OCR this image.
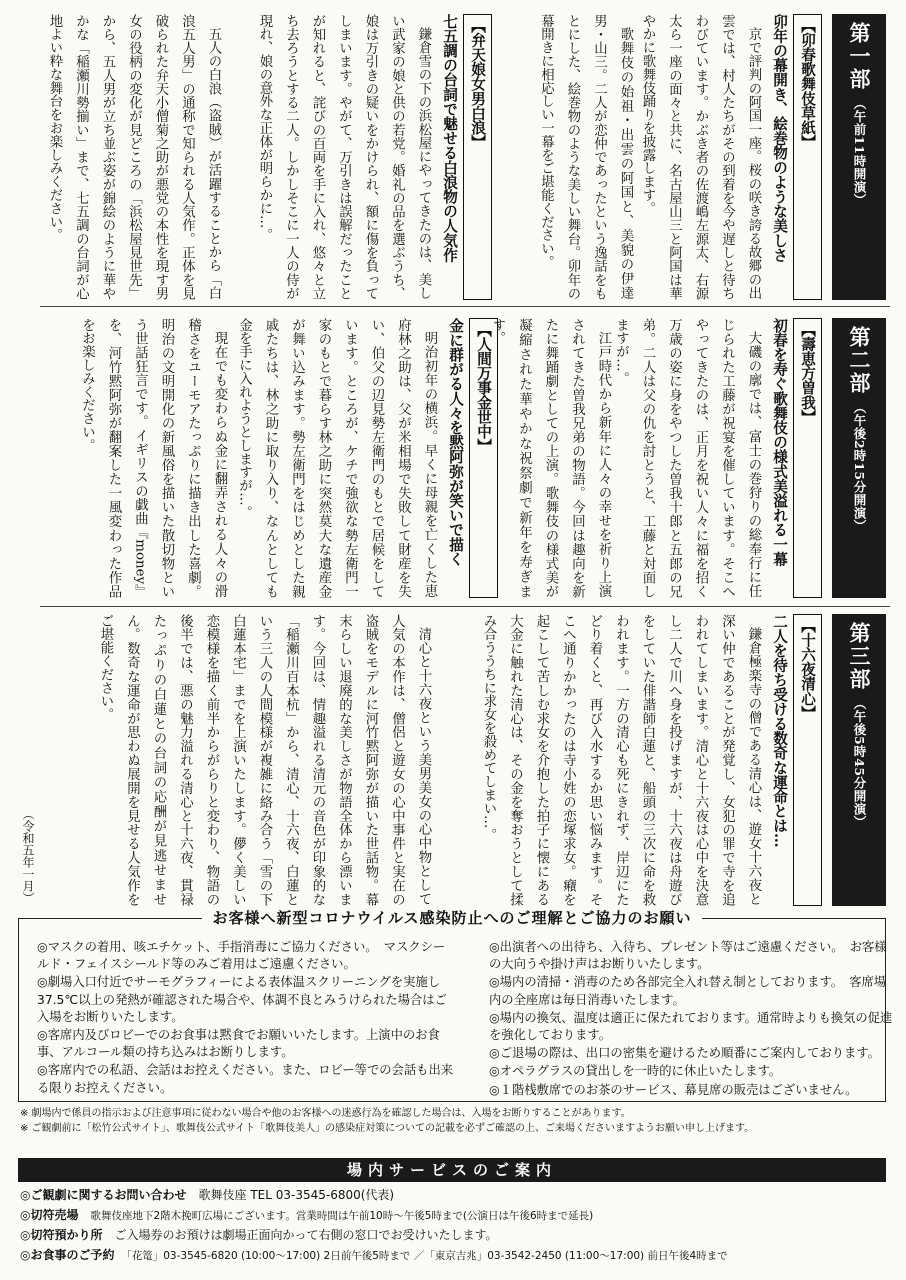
第一部
（午前11時開演）
【卯春歌舞伎草紙】
卯年の幕開き、絵巻物のような美しさ
京で評判の阿国一座。桜の咲き誇る故郷の出雲では、村人たちがその到着を今や遅しと待ちわびています。かぶき者の佐渡嶋左源太、右源太ら一座の面々と共に、名古屋山三と阿国は華やかに歌舞伎踊りを披露します。
歌舞伎の始祖・出雲の阿国と、美貌の伊達男・山三。二人が恋仲であったという逸話をもとにした、絵巻物のような美しい舞台。卯年の幕開きに相応しい一幕をご堪能ください。
【弁天娘女男白浪】
七五調の台詞で魅せる白浪物の人気作
鎌倉雪の下の浜松屋にやってきたのは、美しい武家の娘と供の若党。婚礼の品を選ぶうち、娘は万引きの疑いをかけられ、額に傷を負ってしまいます。やがて、万引きは誤解だったことが知れると、詫びの百両を手に入れ、悠々と立ち去ろうとする二人。しかしそこに一人の侍が現れ、娘の意外な正体が明らかに…。
五人の白浪（盗賊）が活躍することから「白浪五人男」の通称で知られる人気作。正体を見破られた弁天小僧菊之助が悪党の本性を現す男女の役柄の変化が見どころの「浜松屋見世先」から、五人男が立ち並ぶ姿が錦絵のように華やかな「稲瀬川勢揃い」まで、七五調の台詞が心地よい粋な舞台をお楽しみください。
第二部
（午後2時15分開演）
【壽恵方曽我】
初春を寿ぐ歌舞伎の様式美溢れる一幕
大磯の廓では、富士の巻狩りの総奉行に任じられた工藤が祝宴を催しています。そこへやってきたのは、正月を祝い人々に福を招く万歳の姿に身をやつした曽我十郎と五郎の兄弟。二人は父の仇を討とうと、工藤と対面しますが…。
江戸時代から新年に人々の幸せを祈り上演されてきた曽我兄弟の物語。今回は趣向を新たに舞踊劇としての上演。歌舞伎の様式美が凝縮された華やかな祝祭劇で新年を寿ぎます。
【人間万事金世中】
金に群がる人々を黙阿弥が笑いで描く
明治初年の横浜。早くに母親を亡くした恵府林之助は、父が米相場で失敗して財産を失い、伯父の辺見勢左衛門のもとで居候をしています。ところが、ケチで強欲な勢左衛門一家のもとで暮らす林之助に突然莫大な遺産金が舞い込みます。勢左衛門をはじめとした親戚たちは、林之助に取り入り、なんとしても金を手に入れようとしますが…。
現在でも変わらぬ金に翻弄される人々の滑稽さをユーモアたっぷりに描き出した喜劇。明治の文明開化の新風俗を描いた散切物という世話狂言です。イギリスの戯曲『money』を、河竹黙阿弥が翻案した一風変わった作品をお楽しみください。
第三部
（午後5時45分開演）
【十六夜清心】
二人を待ち受ける数奇な運命とは…
鎌倉極楽寺の僧である清心は、遊女十六夜と深い仲であることが発覚し、女犯の罪で寺を追われてしまいます。清心と十六夜は心中を決意し二人で川へ身を投げますが、十六夜は舟遊びをしていた俳諧師白蓮と、船頭の三次に命を救われます。一方の清心も死にきれず、岸辺にたどり着くと、再び入水するか思い悩みます。そこへ通りかかったのは寺小姓の恋塚求女。癪を起こして苦しむ求女を介抱した拍子に懐にある大金に触れた清心は、その金を奪おうとして揉み合ううちに求女を殺めてしまい…。
清心と十六夜という美男美女の心中物として人気の本作は、僧侶と遊女の心中事件と実在の盗賊をモデルに河竹黙阿弥が描いた世話物。幕末らしい退廃的な美しさが物語全体から漂います。今回は、情趣溢れる清元の音色が印象的な「稲瀬川百本杭」から、清心、十六夜、白蓮という三人の人間模様が複雑に絡み合う「雪の下白蓮本宅」までを上演いたします。儚く美しい恋模様を描く前半からがらりと変わり、物語の後半では、悪の魅力溢れる清心と十六夜、貫禄たっぷりの白蓮との台詞の応酬が見逃せません。数奇な運命が思わぬ展開を見せる人気作をご堪能ください。
（令和五年一月）
お客様へ新型コロナウイルス感染防止へのご理解とご協力のお願い
◎マスクの着用、咳エチケット、手指消毒にご協力ください。　マスクシールド・フェイスシールド等のみご着用はご遠慮ください。
◎劇場入口付近でサーモグラフィーによる表体温スクリーニングを実施し37.5℃以上の発熱が確認された場合や、体調不良とみうけられた場合はご入場をお断りいたします。
◎客席内及びロビーでのお食事は黙食でお願いいたします。上演中のお食事、アルコール類の持ち込みはお断りします。
◎客席内での私語、会話はお控えください。また、ロビー等での会話も出来る限りお控えください。
◎出演者への出待ち、入待ち、プレゼント等はご遠慮ください。　お客様の大向うや掛け声はお断りいたします。
◎場内の清掃・消毒のため各部完全入れ替え制としております。　客席場内の全座席は毎日消毒いたします。
◎場内の換気、温度は適正に保たれております。通常時よりも換気の促進を強化しております。
◎ご退場の際は、出口の密集を避けるため順番にご案内しております。
◎オペラグラスの貸出しを一時的に休止いたします。
◎１階桟敷席でのお茶のサービス、幕見席の販売はございません。
※ 劇場内で係員の指示および注意事項に従わない場合や他のお客様への迷惑行為を確認した場合は、入場をお断りすることがあります。
※ ご観劇前に「松竹公式サイト」、歌舞伎公式サイト「歌舞伎美人」の感染症対策についての記載を必ずご確認の上、ご来場くださいますようお願い申し上げます。
場内サービスのご案内
◎ご観劇に関するお問い合わせ　 歌舞伎座 TEL 03-3545-6800(代表)
◎切符売場　 歌舞伎座地下2階木挽町広場にございます。営業時間は午前10時〜午後5時まで(公演日は午後6時まで延長)
◎切符預かり所　 ご入場券のお預けは劇場正面向かって右側の窓口でお受けいたします。
◎お食事のご予約　 「花篭」03-3545-6820 (10:00〜17:00) 2日前午後5時まで ／「東京吉兆」03-3542-2450 (11:00〜17:00) 前日午後4時まで
